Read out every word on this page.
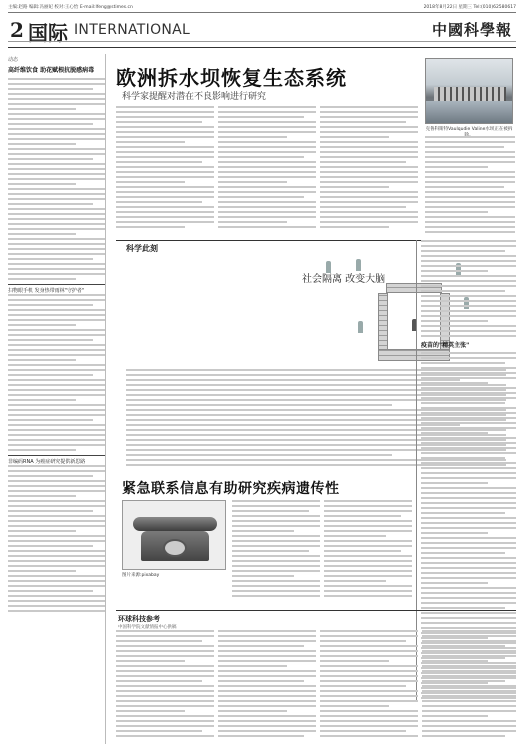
主编:赵路 编辑:冯丽妃 校对:王心怡 E-mail:lfeng@stimes.cn	2018年8月22日 星期三 Tel:(010)62580617
2 国际 INTERNATIONAL	中國科學報
动态
高纤维饮食 助花赋根抗脱感病毒
扫物眼手机 发身热带雨林"守护者"
非编码RNA 为癌症研究提供新思路
欧洲拆水坝恢复生态系统
科学家提醒对潜在不良影响进行研究
克鲁科斯特Vaulqudie Valine水坝正在被拆
科学此刻
社会隔离 改变大脑
疫苗的"精英主张"
紧急联系信息有助研究疾病遗传性
图片来源:pixabay
环球科技参考
中国科学院文献情报中心供稿
